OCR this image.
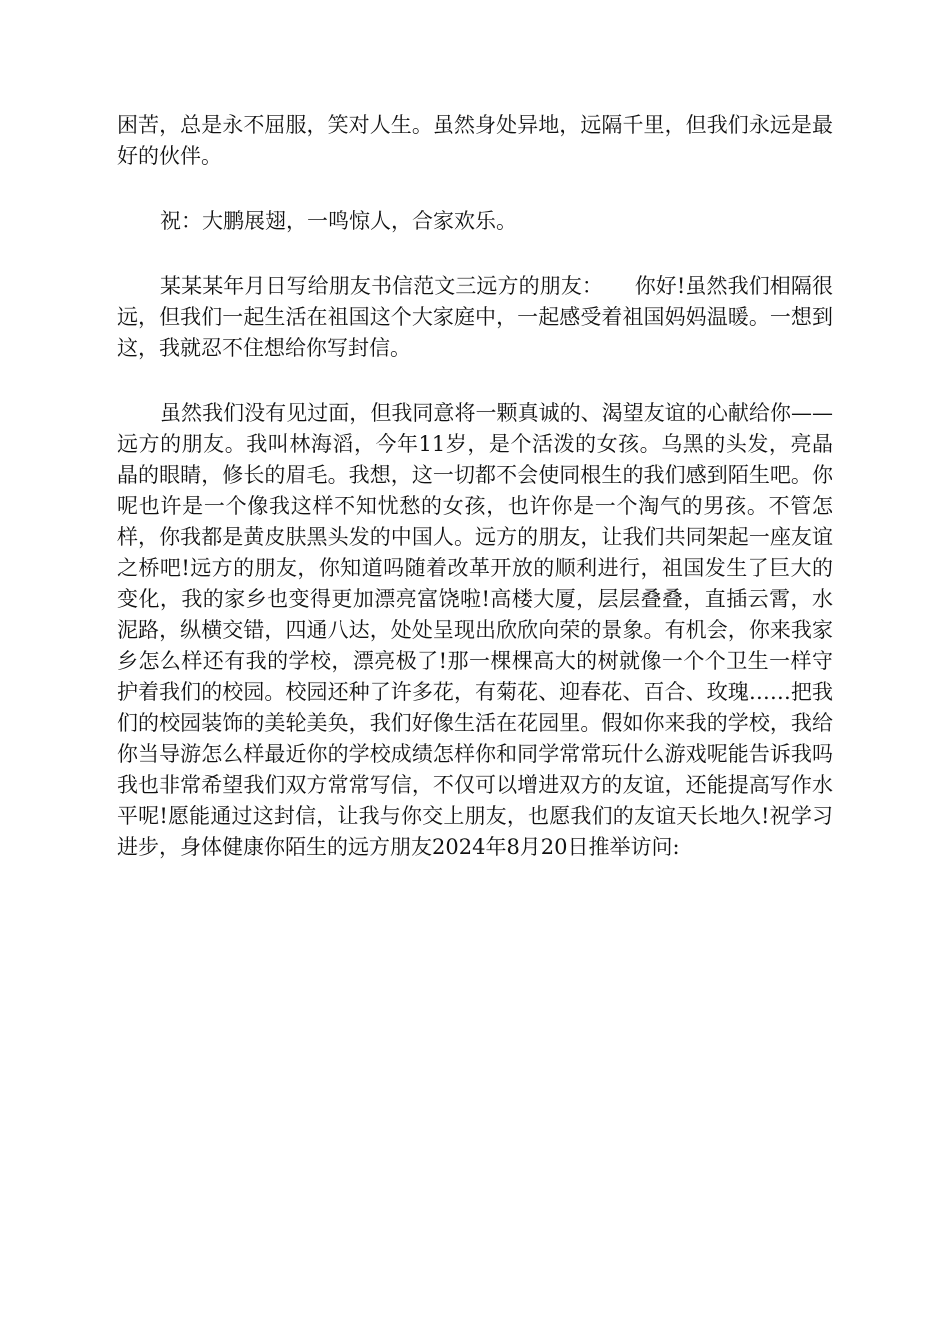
困苦，总是永不屈服，笑对人生。虽然身处异地，远隔千里，但我们永远是最好的伙伴。

祝：大鹏展翅，一鸣惊人，合家欢乐。

某某某年月日写给朋友书信范文三远方的朋友：　　你好!虽然我们相隔很远，但我们一起生活在祖国这个大家庭中，一起感受着祖国妈妈温暖。一想到这，我就忍不住想给你写封信。

虽然我们没有见过面，但我同意将一颗真诚的、渴望友谊的心献给你——远方的朋友。我叫林海滔，今年11岁，是个活泼的女孩。乌黑的头发，亮晶晶的眼睛，修长的眉毛。我想，这一切都不会使同根生的我们感到陌生吧。你呢也许是一个像我这样不知忧愁的女孩，也许你是一个淘气的男孩。不管怎样，你我都是黄皮肤黑头发的中国人。远方的朋友，让我们共同架起一座友谊之桥吧!远方的朋友，你知道吗随着改革开放的顺利进行，祖国发生了巨大的变化，我的家乡也变得更加漂亮富饶啦!高楼大厦，层层叠叠，直插云霄，水泥路，纵横交错，四通八达，处处呈现出欣欣向荣的景象。有机会，你来我家乡怎么样还有我的学校，漂亮极了!那一棵棵高大的树就像一个个卫生一样守护着我们的校园。校园还种了许多花，有菊花、迎春花、百合、玫瑰……把我们的校园装饰的美轮美奂，我们好像生活在花园里。假如你来我的学校，我给你当导游怎么样最近你的学校成绩怎样你和同学常常玩什么游戏呢能告诉我吗我也非常希望我们双方常常写信，不仅可以增进双方的友谊，还能提高写作水平呢!愿能通过这封信，让我与你交上朋友，也愿我们的友谊天长地久!祝学习进步，身体健康你陌生的远方朋友2024年8月20日推举访问:
